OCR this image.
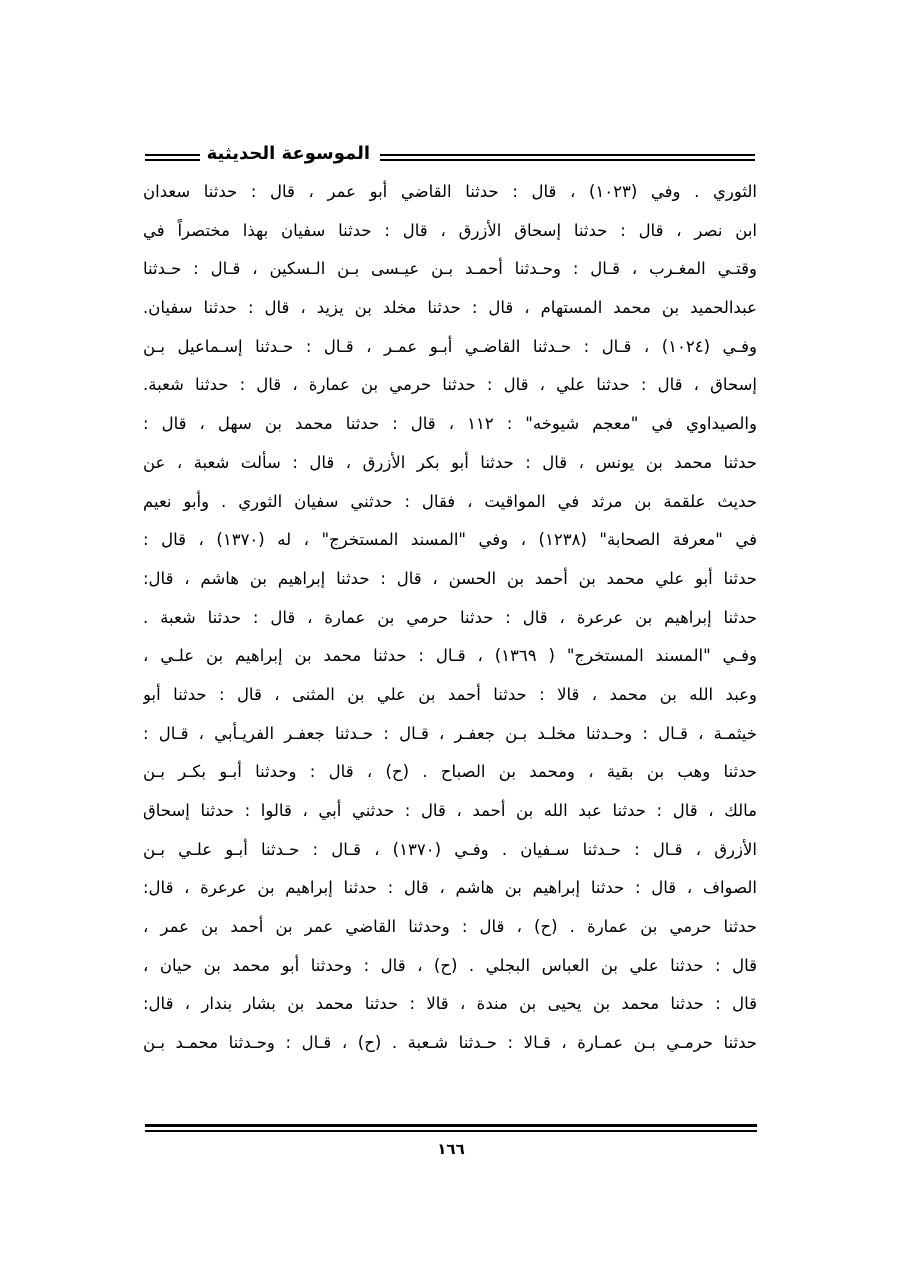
الموسوعة الحديثية
الثوري . وفي (١٠٢٣) ، قال : حدثنا القاضي أبو عمر ، قال : حدثنا سعدان
ابن نصر ، قال : حدثنا إسحاق الأزرق ، قال : حدثنا سفيان بهذا مختصراً في
وقتـي المغـرب ، قـال : وحـدثنا أحمـد بـن عيـسى بـن الـسكين ، قـال : حـدثنا
عبدالحميد بن محمد المستهام ، قال : حدثنا مخلد بن يزيد ، قال : حدثنا سفيان.
وفـي (١٠٢٤) ، قـال : حـدثنا القاضـي أبـو عمـر ، قـال : حـدثنا إسـماعيل بـن
إسحاق ، قال : حدثنا علي ، قال : حدثنا حرمي بن عمارة ، قال : حدثنا شعبة.
والصيداوي في "معجم شيوخه" : ١١٢ ، قال : حدثنا محمد بن سهل ، قال :
حدثنا محمد بن يونس ، قال : حدثنا أبو بكر الأزرق ، قال : سألت شعبة ، عن
حديث علقمة بن مرثد في المواقيت ، فقال : حدثني سفيان الثوري . وأبو نعيم
في "معرفة الصحابة" (١٢٣٨) ، وفي "المسند المستخرج" ، له (١٣٧٠) ، قال :
حدثنا أبو علي محمد بن أحمد بن الحسن ، قال : حدثنا إبراهيم بن هاشم ، قال:
حدثنا إبراهيم بن عرعرة ، قال : حدثنا حرمي بن عمارة ، قال : حدثنا شعبة .
وفـي "المسند المستخرج" ( ١٣٦٩) ، قـال : حدثنا محمد بن إبراهيم بن علـي ،
وعبد الله بن محمد ، قالا : حدثنا أحمد بن علي بن المثنى ، قال : حدثنا أبو
خيثمـة ، قـال : وحـدثنا مخلـد بـن جعفـر ، قـال : حـدثنا جعفـر الفريـأبي ، قـال :
حدثنا وهب بن بقية ، ومحمد بن الصباح . (ح) ، قال : وحدثنا أبـو بكـر بـن
مالك ، قال : حدثنا عبد الله بن أحمد ، قال : حدثني أبي ، قالوا : حدثنا إسحاق
الأزرق ، قـال : حـدثنا سـفيان . وفـي (١٣٧٠) ، قـال : حـدثنا أبـو علـي بـن
الصواف ، قال : حدثنا إبراهيم بن هاشم ، قال : حدثنا إبراهيم بن عرعرة ، قال:
حدثنا حرمي بن عمارة . (ح) ، قال : وحدثنا القاضي عمر بن أحمد بن عمر ،
قال : حدثنا علي بن العباس البجلي . (ح) ، قال : وحدثنا أبو محمد بن حيان ،
قال : حدثنا محمد بن يحيى بن مندة ، قالا : حدثنا محمد بن بشار بندار ، قال:
حدثنا حرمـي بـن عمـارة ، قـالا : حـدثنا شـعبة . (ح) ، قـال : وحـدثنا محمـد بـن
١٦٦
